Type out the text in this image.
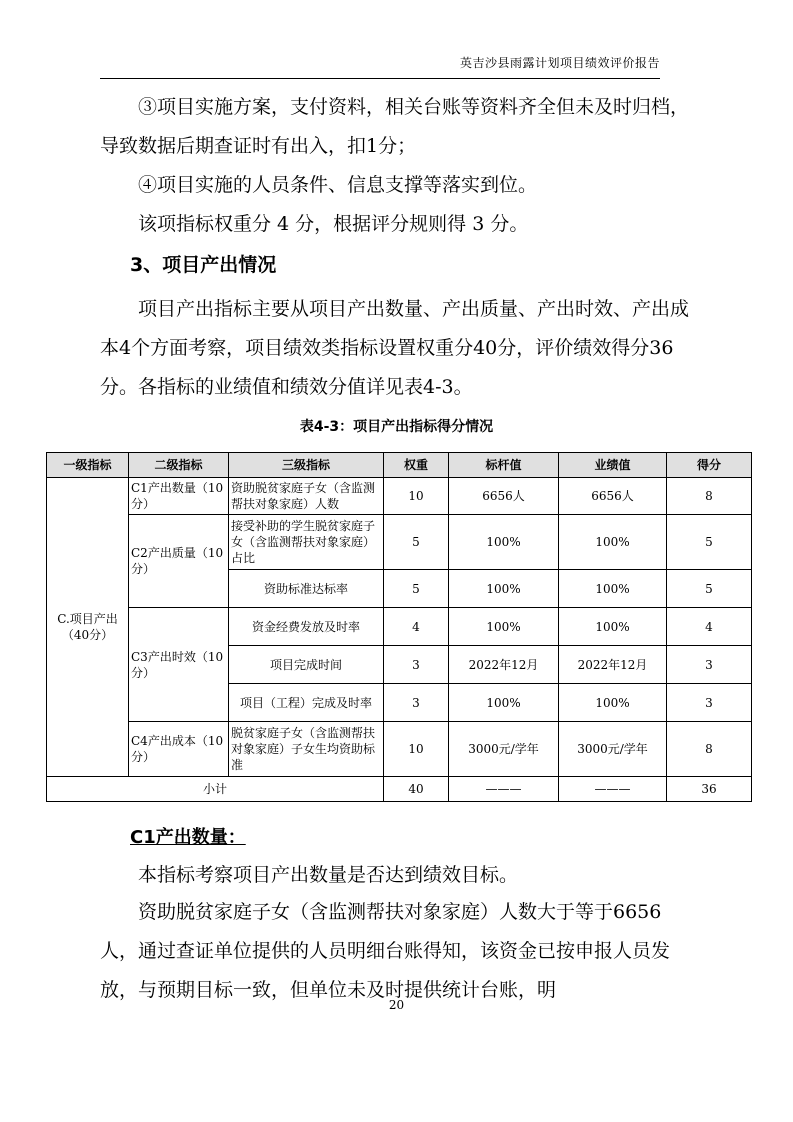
英吉沙县雨露计划项目绩效评价报告

③项目实施方案，支付资料，相关台账等资料齐全但未及时归档，导致数据后期查证时有出入，扣1分；

④项目实施的人员条件、信息支撑等落实到位。

该项指标权重分 4 分，根据评分规则得 3 分。

3、项目产出情况

项目产出指标主要从项目产出数量、产出质量、产出时效、产出成本4个方面考察，项目绩效类指标设置权重分40分，评价绩效得分36分。各指标的业绩值和绩效分值详见表4-3。

表4-3：项目产出指标得分情况
一级指标	二级指标	三级指标	权重	标杆值	业绩值	得分
C.项目产出（40分）	C1产出数量（10分）	资助脱贫家庭子女（含监测帮扶对象家庭）人数	10	6656人	6656人	8
	C2产出质量（10分）	接受补助的学生脱贫家庭子女（含监测帮扶对象家庭）占比	5	100%	100%	5
		资助标准达标率	5	100%	100%	5
	C3产出时效（10分）	资金经费发放及时率	4	100%	100%	4
		项目完成时间	3	2022年12月	2022年12月	3
		项目（工程）完成及时率	3	100%	100%	3
	C4产出成本（10分）	脱贫家庭子女（含监测帮扶对象家庭）子女生均资助标准	10	3000元/学年	3000元/学年	8
小计			40	———	———	36
C1产出数量：

本指标考察项目产出数量是否达到绩效目标。

资助脱贫家庭子女（含监测帮扶对象家庭）人数大于等于6656 人，通过查证单位提供的人员明细台账得知，该资金已按申报人员发放，与预期目标一致，但单位未及时提供统计台账，明

20
